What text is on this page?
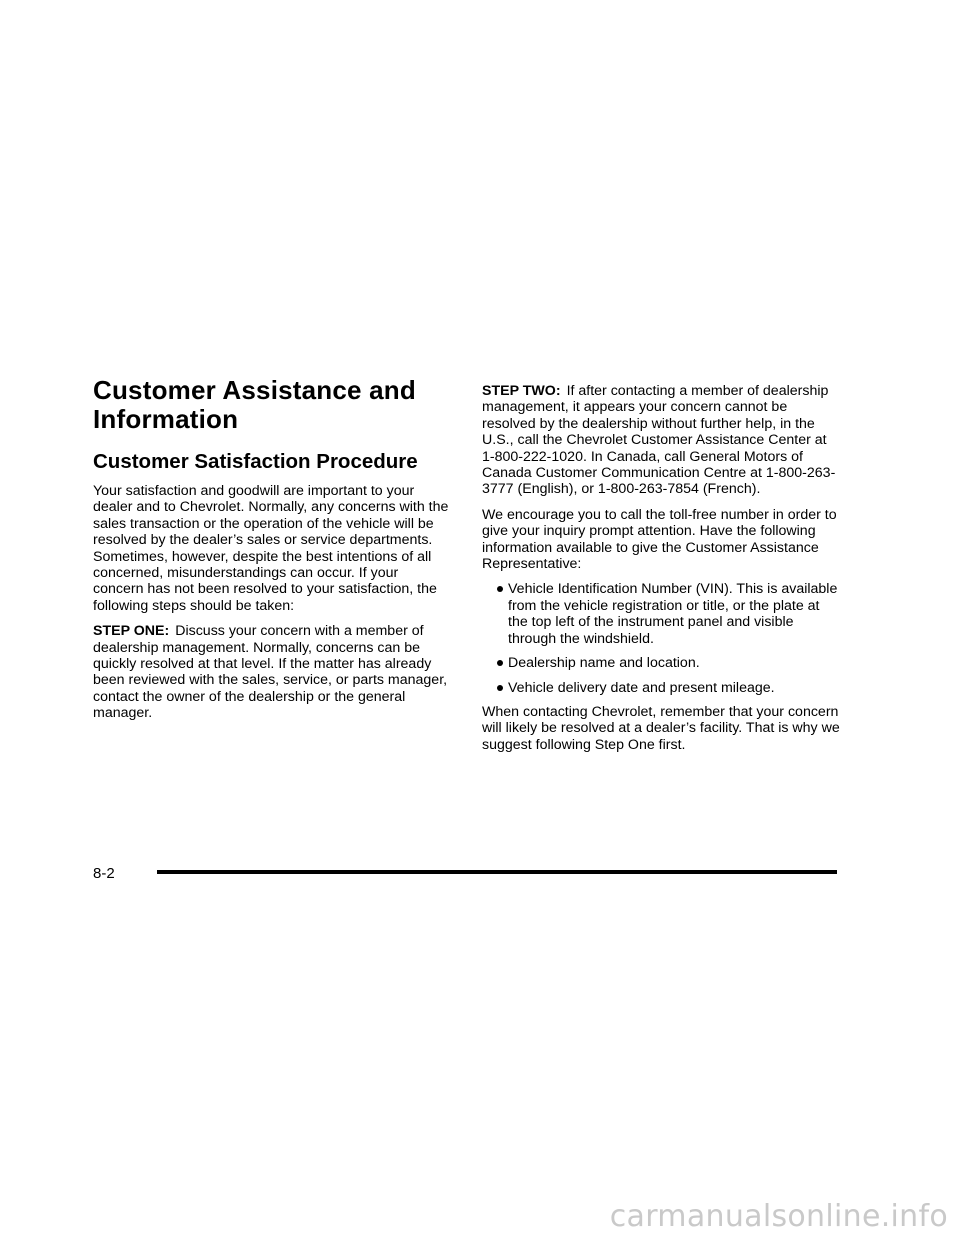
Customer Assistance and Information
Customer Satisfaction Procedure

Your satisfaction and goodwill are important to your dealer and to Chevrolet. Normally, any concerns with the sales transaction or the operation of the vehicle will be resolved by the dealer’s sales or service departments. Sometimes, however, despite the best intentions of all concerned, misunderstandings can occur. If your concern has not been resolved to your satisfaction, the following steps should be taken:

STEP ONE: Discuss your concern with a member of dealership management. Normally, concerns can be quickly resolved at that level. If the matter has already been reviewed with the sales, service, or parts manager, contact the owner of the dealership or the general manager.

STEP TWO: If after contacting a member of dealership management, it appears your concern cannot be resolved by the dealership without further help, in the U.S., call the Chevrolet Customer Assistance Center at 1-800-222-1020. In Canada, call General Motors of Canada Customer Communication Centre at 1-800-263-3777 (English), or 1-800-263-7854 (French).

We encourage you to call the toll-free number in order to give your inquiry prompt attention. Have the following information available to give the Customer Assistance Representative:

Vehicle Identification Number (VIN). This is available from the vehicle registration or title, or the plate at the top left of the instrument panel and visible through the windshield.
Dealership name and location.
Vehicle delivery date and present mileage.

When contacting Chevrolet, remember that your concern will likely be resolved at a dealer’s facility. That is why we suggest following Step One first.

8-2
carmanualsonline.info
